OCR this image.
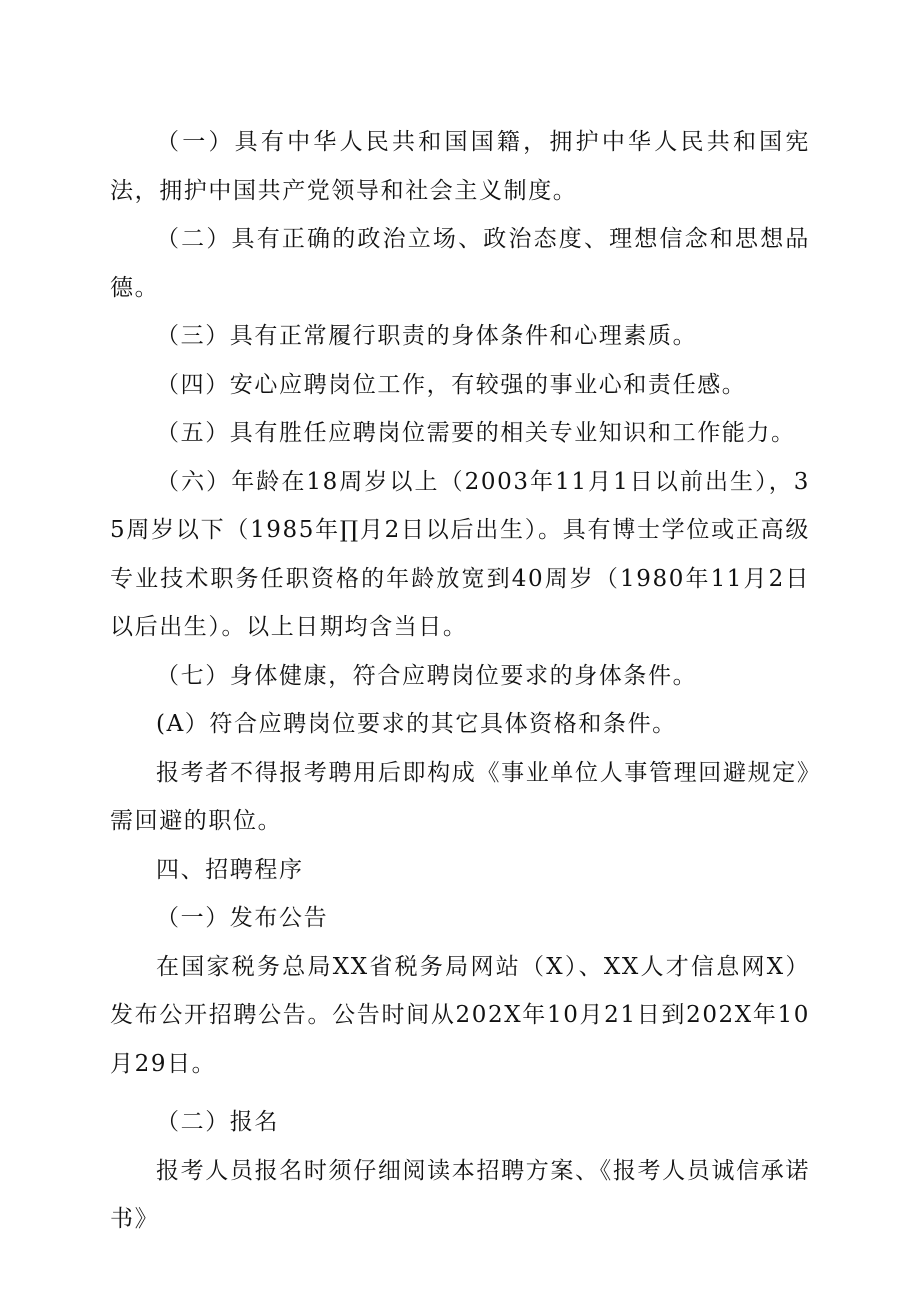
（一）具有中华人民共和国国籍，拥护中华人民共和国宪法，拥护中国共产党领导和社会主义制度。

（二）具有正确的政治立场、政治态度、理想信念和思想品德。

（三）具有正常履行职责的身体条件和心理素质。

（四）安心应聘岗位工作，有较强的事业心和责任感。

（五）具有胜任应聘岗位需要的相关专业知识和工作能力。

（六）年龄在18周岁以上（2003年11月1日以前出生），35周岁以下（1985年∏月2日以后出生）。具有博士学位或正高级专业技术职务任职资格的年龄放宽到40周岁（1980年11月2日以后出生）。以上日期均含当日。

（七）身体健康，符合应聘岗位要求的身体条件。

(A）符合应聘岗位要求的其它具体资格和条件。

报考者不得报考聘用后即构成《事业单位人事管理回避规定》需回避的职位。

四、招聘程序

（一）发布公告

在国家税务总局XX省税务局网站（X）、XX人才信息网X）发布公开招聘公告。公告时间从202X年10月21日到202X年10月29日。

（二）报名

报考人员报名时须仔细阅读本招聘方案、《报考人员诚信承诺书》
